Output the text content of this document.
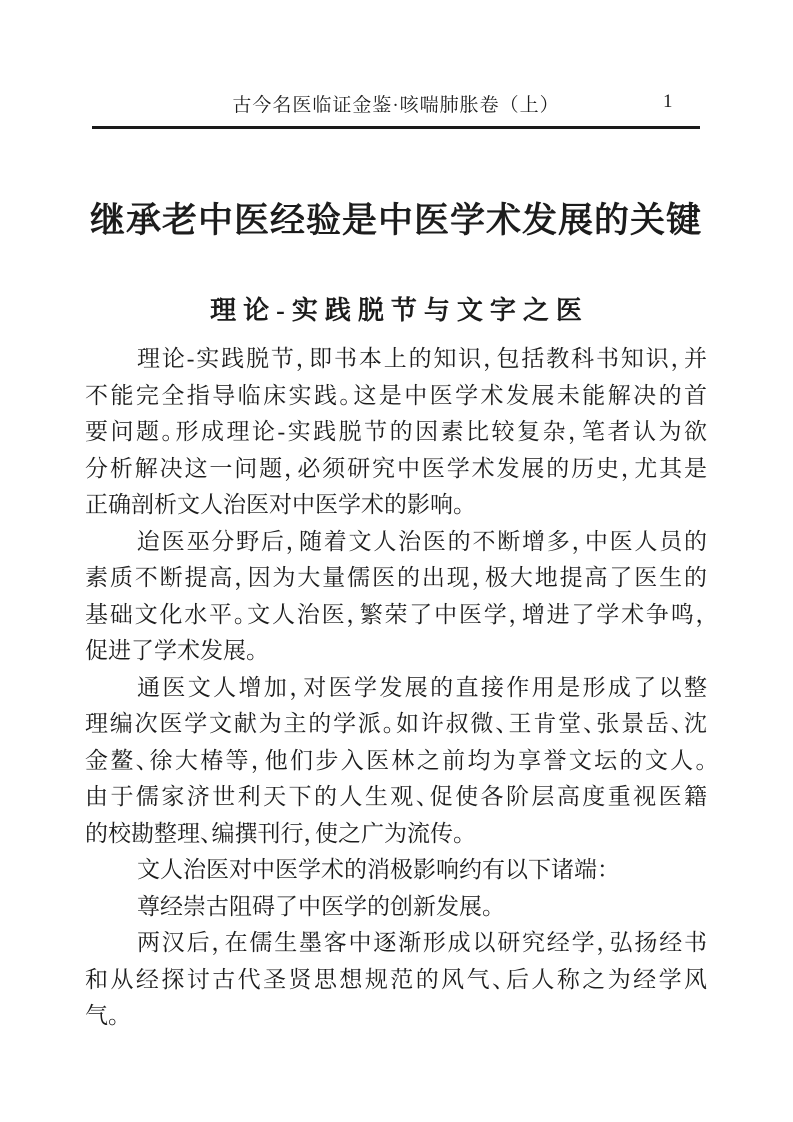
古今名医临证金鉴·咳喘肺胀卷（上）	1
继承老中医经验是中医学术发展的关键
理论-实践脱节与文字之医

理论-实践脱节，即书本上的知识，包括教科书知识，并
不能完全指导临床实践。这是中医学术发展未能解决的首
要问题。形成理论-实践脱节的因素比较复杂，笔者认为欲
分析解决这一问题，必须研究中医学术发展的历史，尤其是
正确剖析文人治医对中医学术的影响。

迨医巫分野后，随着文人治医的不断增多，中医人员的
素质不断提高，因为大量儒医的出现，极大地提高了医生的
基础文化水平。文人治医，繁荣了中医学，增进了学术争鸣，
促进了学术发展。

通医文人增加，对医学发展的直接作用是形成了以整
理编次医学文献为主的学派。如许叔微、王肯堂、张景岳、沈
金鳌、徐大椿等，他们步入医林之前均为享誉文坛的文人。
由于儒家济世利天下的人生观、促使各阶层高度重视医籍
的校勘整理、编撰刊行，使之广为流传。

文人治医对中医学术的消极影响约有以下诸端：

尊经崇古阻碍了中医学的创新发展。

两汉后，在儒生墨客中逐渐形成以研究经学，弘扬经书
和从经探讨古代圣贤思想规范的风气、后人称之为经学风
气。
